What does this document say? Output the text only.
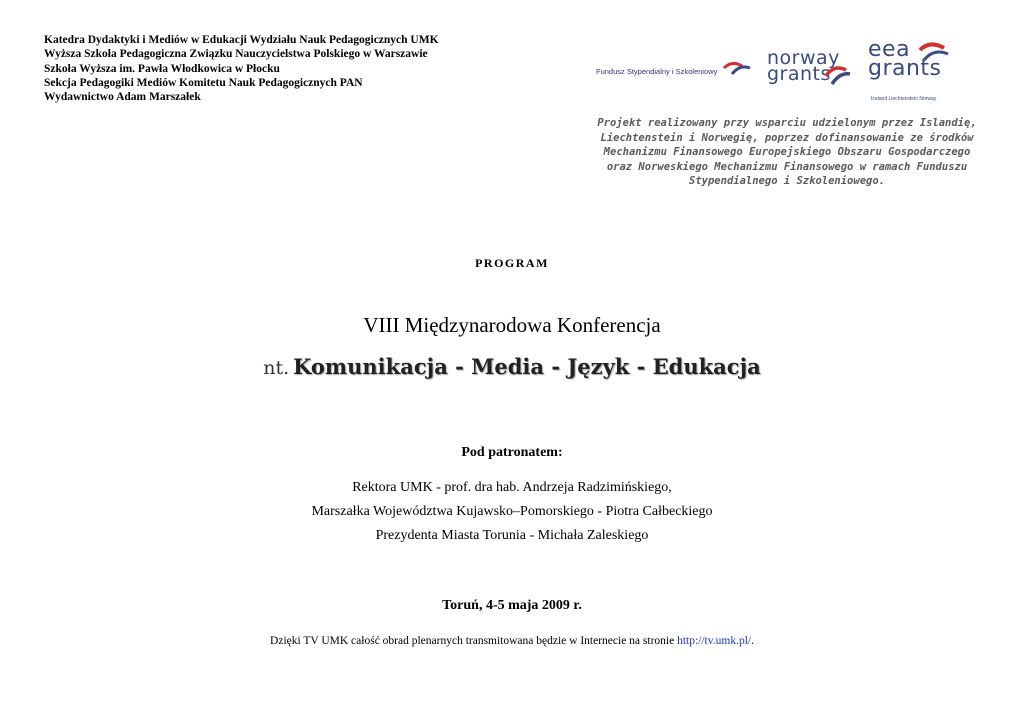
Katedra Dydaktyki i Mediów w Edukacji Wydziału Nauk Pedagogicznych UMK
Wyższa Szkoła Pedagogiczna Związku Nauczycielstwa Polskiego w Warszawie
Szkoła Wyższa im. Pawła Włodkowica w Płocku
Sekcja Pedagogiki Mediów Komitetu Nauk Pedagogicznych PAN
Wydawnictwo Adam Marszałek
Fundusz Stypendialny i Szkoleniowy
norway
grants
eea
grants
Iceland Liechtenstein Norway
Projekt realizowany przy wsparciu udzielonym przez Islandię,
Liechtenstein i Norwegię, poprzez dofinansowanie ze środków
Mechanizmu Finansowego Europejskiego Obszaru Gospodarczego
oraz Norweskiego Mechanizmu Finansowego w ramach Funduszu
Stypendialnego i Szkoleniowego.
PROGRAM
VIII Międzynarodowa Konferencja
nt. Komunikacja - Media - Język - Edukacja
Pod patronatem:
Rektora UMK - prof. dra hab. Andrzeja Radzimińskiego,
Marszałka Województwa Kujawsko–Pomorskiego - Piotra Całbeckiego
Prezydenta Miasta Torunia - Michała Zaleskiego
Toruń, 4-5 maja 2009 r.
Dzięki TV UMK całość obrad plenarnych transmitowana będzie w Internecie na stronie http://tv.umk.pl/.
